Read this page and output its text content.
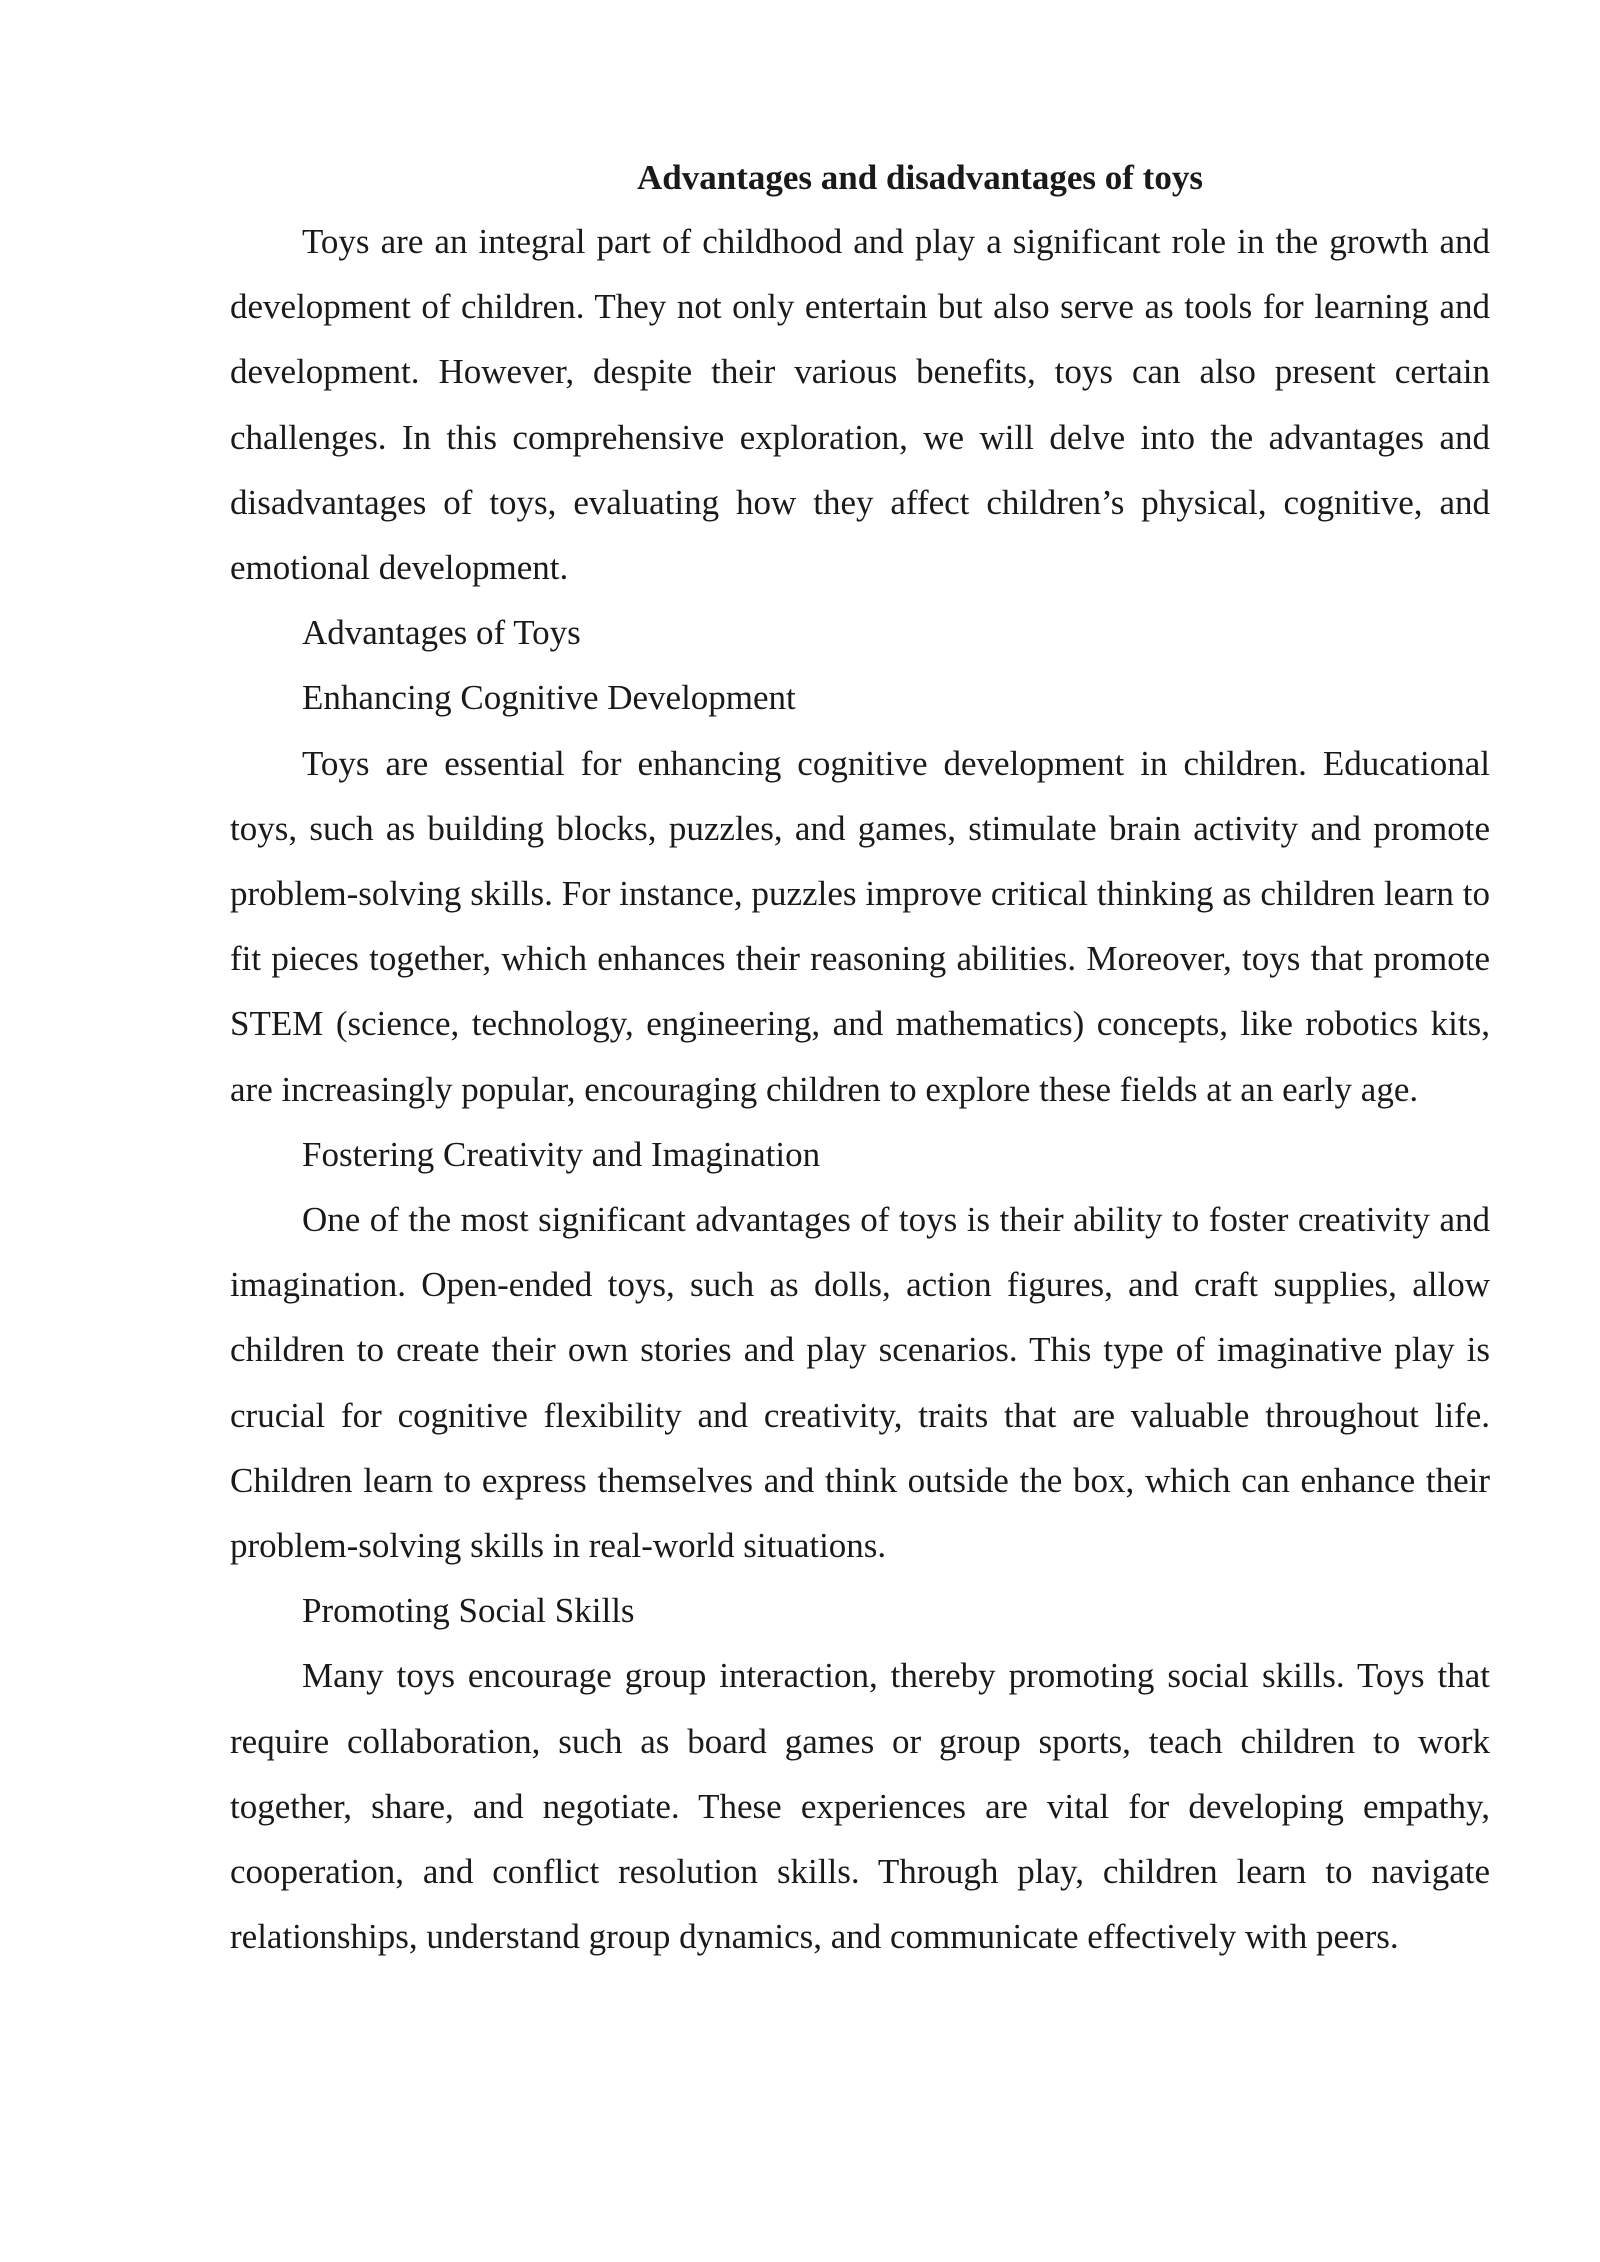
Advantages and disadvantages of toys

Toys are an integral part of childhood and play a significant role in the growth and development of children. They not only entertain but also serve as tools for learning and development. However, despite their various benefits, toys can also present certain challenges. In this comprehensive exploration, we will delve into the advantages and disadvantages of toys, evaluating how they affect children’s physical, cognitive, and emotional development.

Advantages of Toys

Enhancing Cognitive Development

Toys are essential for enhancing cognitive development in children. Educational toys, such as building blocks, puzzles, and games, stimulate brain activity and promote problem-solving skills. For instance, puzzles improve critical thinking as children learn to fit pieces together, which enhances their reasoning abilities. Moreover, toys that promote STEM (science, technology, engineering, and mathematics) concepts, like robotics kits, are increasingly popular, encouraging children to explore these fields at an early age.

Fostering Creativity and Imagination

One of the most significant advantages of toys is their ability to foster creativity and imagination. Open-ended toys, such as dolls, action figures, and craft supplies, allow children to create their own stories and play scenarios. This type of imaginative play is crucial for cognitive flexibility and creativity, traits that are valuable throughout life. Children learn to express themselves and think outside the box, which can enhance their problem-solving skills in real-world situations.

Promoting Social Skills

Many toys encourage group interaction, thereby promoting social skills. Toys that require collaboration, such as board games or group sports, teach children to work together, share, and negotiate. These experiences are vital for developing empathy, cooperation, and conflict resolution skills. Through play, children learn to navigate relationships, understand group dynamics, and communicate effectively with peers.
